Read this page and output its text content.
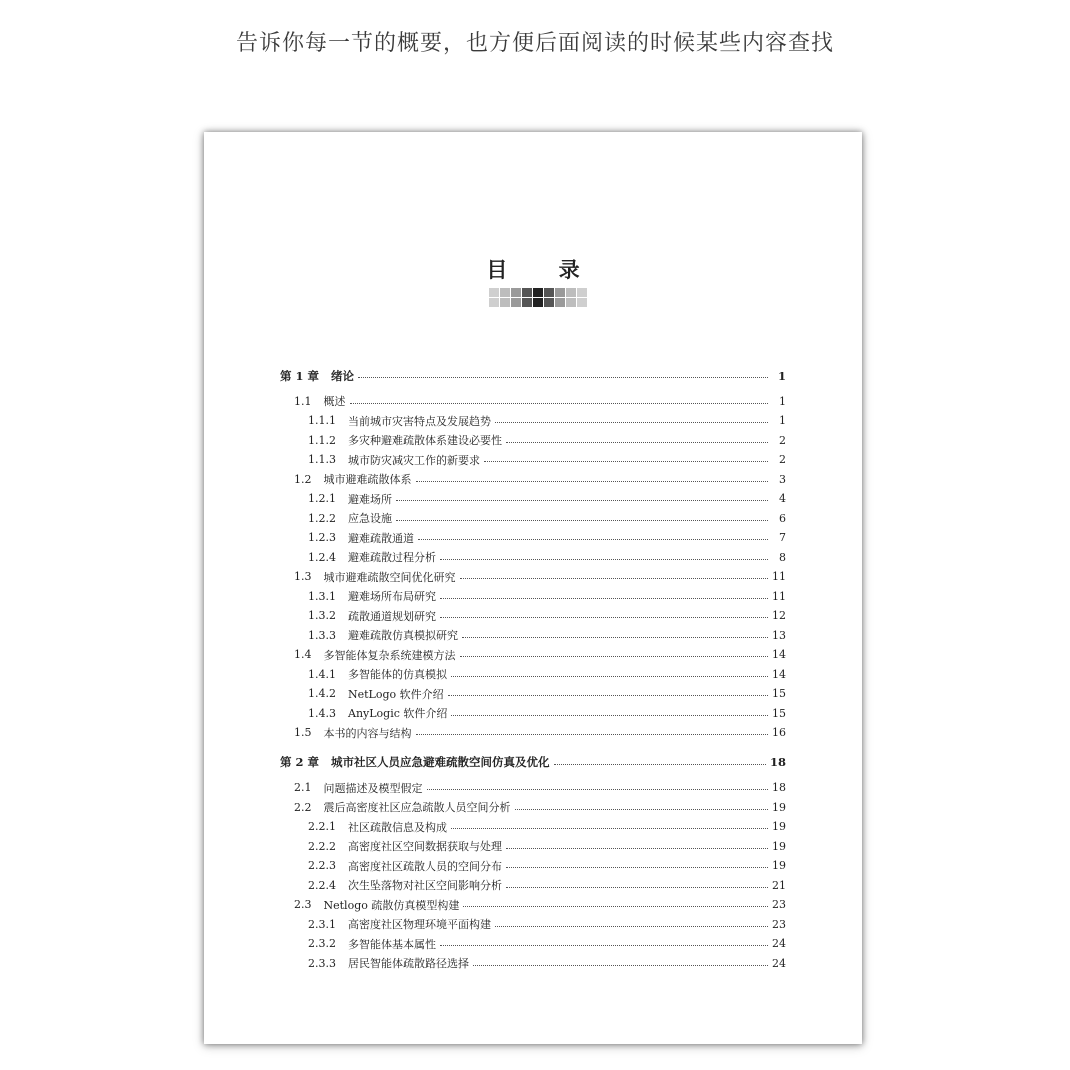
告诉你每一节的概要，也方便后面阅读的时候某些内容查找
目 录
第 1 章	绪论	1
1.1	概述	1
1.1.1	当前城市灾害特点及发展趋势	1
1.1.2	多灾种避难疏散体系建设必要性	2
1.1.3	城市防灾减灾工作的新要求	2
1.2	城市避难疏散体系	3
1.2.1	避难场所	4
1.2.2	应急设施	6
1.2.3	避难疏散通道	7
1.2.4	避难疏散过程分析	8
1.3	城市避难疏散空间优化研究	11
1.3.1	避难场所布局研究	11
1.3.2	疏散通道规划研究	12
1.3.3	避难疏散仿真模拟研究	13
1.4	多智能体复杂系统建模方法	14
1.4.1	多智能体的仿真模拟	14
1.4.2	NetLogo 软件介绍	15
1.4.3	AnyLogic 软件介绍	15
1.5	本书的内容与结构	16
第 2 章	城市社区人员应急避难疏散空间仿真及优化	18
2.1	问题描述及模型假定	18
2.2	震后高密度社区应急疏散人员空间分析	19
2.2.1	社区疏散信息及构成	19
2.2.2	高密度社区空间数据获取与处理	19
2.2.3	高密度社区疏散人员的空间分布	19
2.2.4	次生坠落物对社区空间影响分析	21
2.3	Netlogo 疏散仿真模型构建	23
2.3.1	高密度社区物理环境平面构建	23
2.3.2	多智能体基本属性	24
2.3.3	居民智能体疏散路径选择	24
